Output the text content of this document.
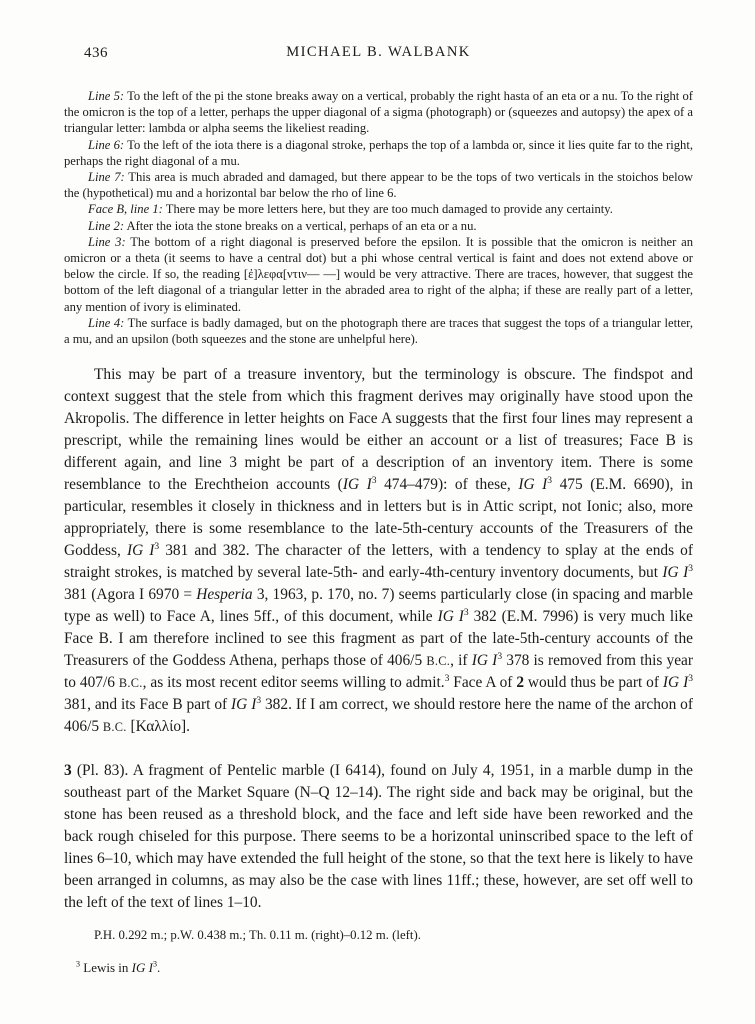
436	MICHAEL B. WALBANK

Line 5: To the left of the pi the stone breaks away on a vertical, probably the right hasta of an eta or a nu. To the right of the omicron is the top of a letter, perhaps the upper diagonal of a sigma (photograph) or (squeezes and autopsy) the apex of a triangular letter: lambda or alpha seems the likeliest reading.

Line 6: To the left of the iota there is a diagonal stroke, perhaps the top of a lambda or, since it lies quite far to the right, perhaps the right diagonal of a mu.

Line 7: This area is much abraded and damaged, but there appear to be the tops of two verticals in the stoichos below the (hypothetical) mu and a horizontal bar below the rho of line 6.

Face B, line 1: There may be more letters here, but they are too much damaged to provide any certainty.

Line 2: After the iota the stone breaks on a vertical, perhaps of an eta or a nu.

Line 3: The bottom of a right diagonal is preserved before the epsilon. It is possible that the omicron is neither an omicron or a theta (it seems to have a central dot) but a phi whose central vertical is faint and does not extend above or below the circle. If so, the reading [ἐ]λεφα[ντιν— —] would be very attractive. There are traces, however, that suggest the bottom of the left diagonal of a triangular letter in the abraded area to right of the alpha; if these are really part of a letter, any mention of ivory is eliminated.

Line 4: The surface is badly damaged, but on the photograph there are traces that suggest the tops of a triangular letter, a mu, and an upsilon (both squeezes and the stone are unhelpful here).

This may be part of a treasure inventory, but the terminology is obscure. The findspot and context suggest that the stele from which this fragment derives may originally have stood upon the Akropolis. The difference in letter heights on Face A suggests that the first four lines may represent a prescript, while the remaining lines would be either an account or a list of treasures; Face B is different again, and line 3 might be part of a description of an inventory item. There is some resemblance to the Erechtheion accounts (IG $I^3$ 474–479): of these, IG $I^3$ 475 (E.M. 6690), in particular, resembles it closely in thickness and in letters but is in Attic script, not Ionic; also, more appropriately, there is some resemblance to the late-5th-century accounts of the Treasurers of the Goddess, IG $I^3$ 381 and 382. The character of the letters, with a tendency to splay at the ends of straight strokes, is matched by several late-5th- and early-4th-century inventory documents, but IG $I^3$ 381 (Agora I 6970 = Hesperia 3, 1963, p. 170, no. 7) seems particularly close (in spacing and marble type as well) to Face A, lines 5ff., of this document, while IG $I^3$ 382 (E.M. 7996) is very much like Face B. I am therefore inclined to see this fragment as part of the late-5th-century accounts of the Treasurers of the Goddess Athena, perhaps those of 406/5 B.C., if IG $I^3$ 378 is removed from this year to 407/6 B.C., as its most recent editor seems willing to admit.$^3$ Face A of 2 would thus be part of IG $I^3$ 381, and its Face B part of IG $I^3$ 382. If I am correct, we should restore here the name of the archon of 406/5 B.C. [Καλλίο].

3 (Pl. 83). A fragment of Pentelic marble (I 6414), found on July 4, 1951, in a marble dump in the southeast part of the Market Square (N–Q 12–14). The right side and back may be original, but the stone has been reused as a threshold block, and the face and left side have been reworked and the back rough chiseled for this purpose. There seems to be a horizontal uninscribed space to the left of lines 6–10, which may have extended the full height of the stone, so that the text here is likely to have been arranged in columns, as may also be the case with lines 11ff.; these, however, are set off well to the left of the text of lines 1–10.

P.H. 0.292 m.; p.W. 0.438 m.; Th. 0.11 m. (right)–0.12 m. (left).

$^3$ Lewis in IG $I^3$.
